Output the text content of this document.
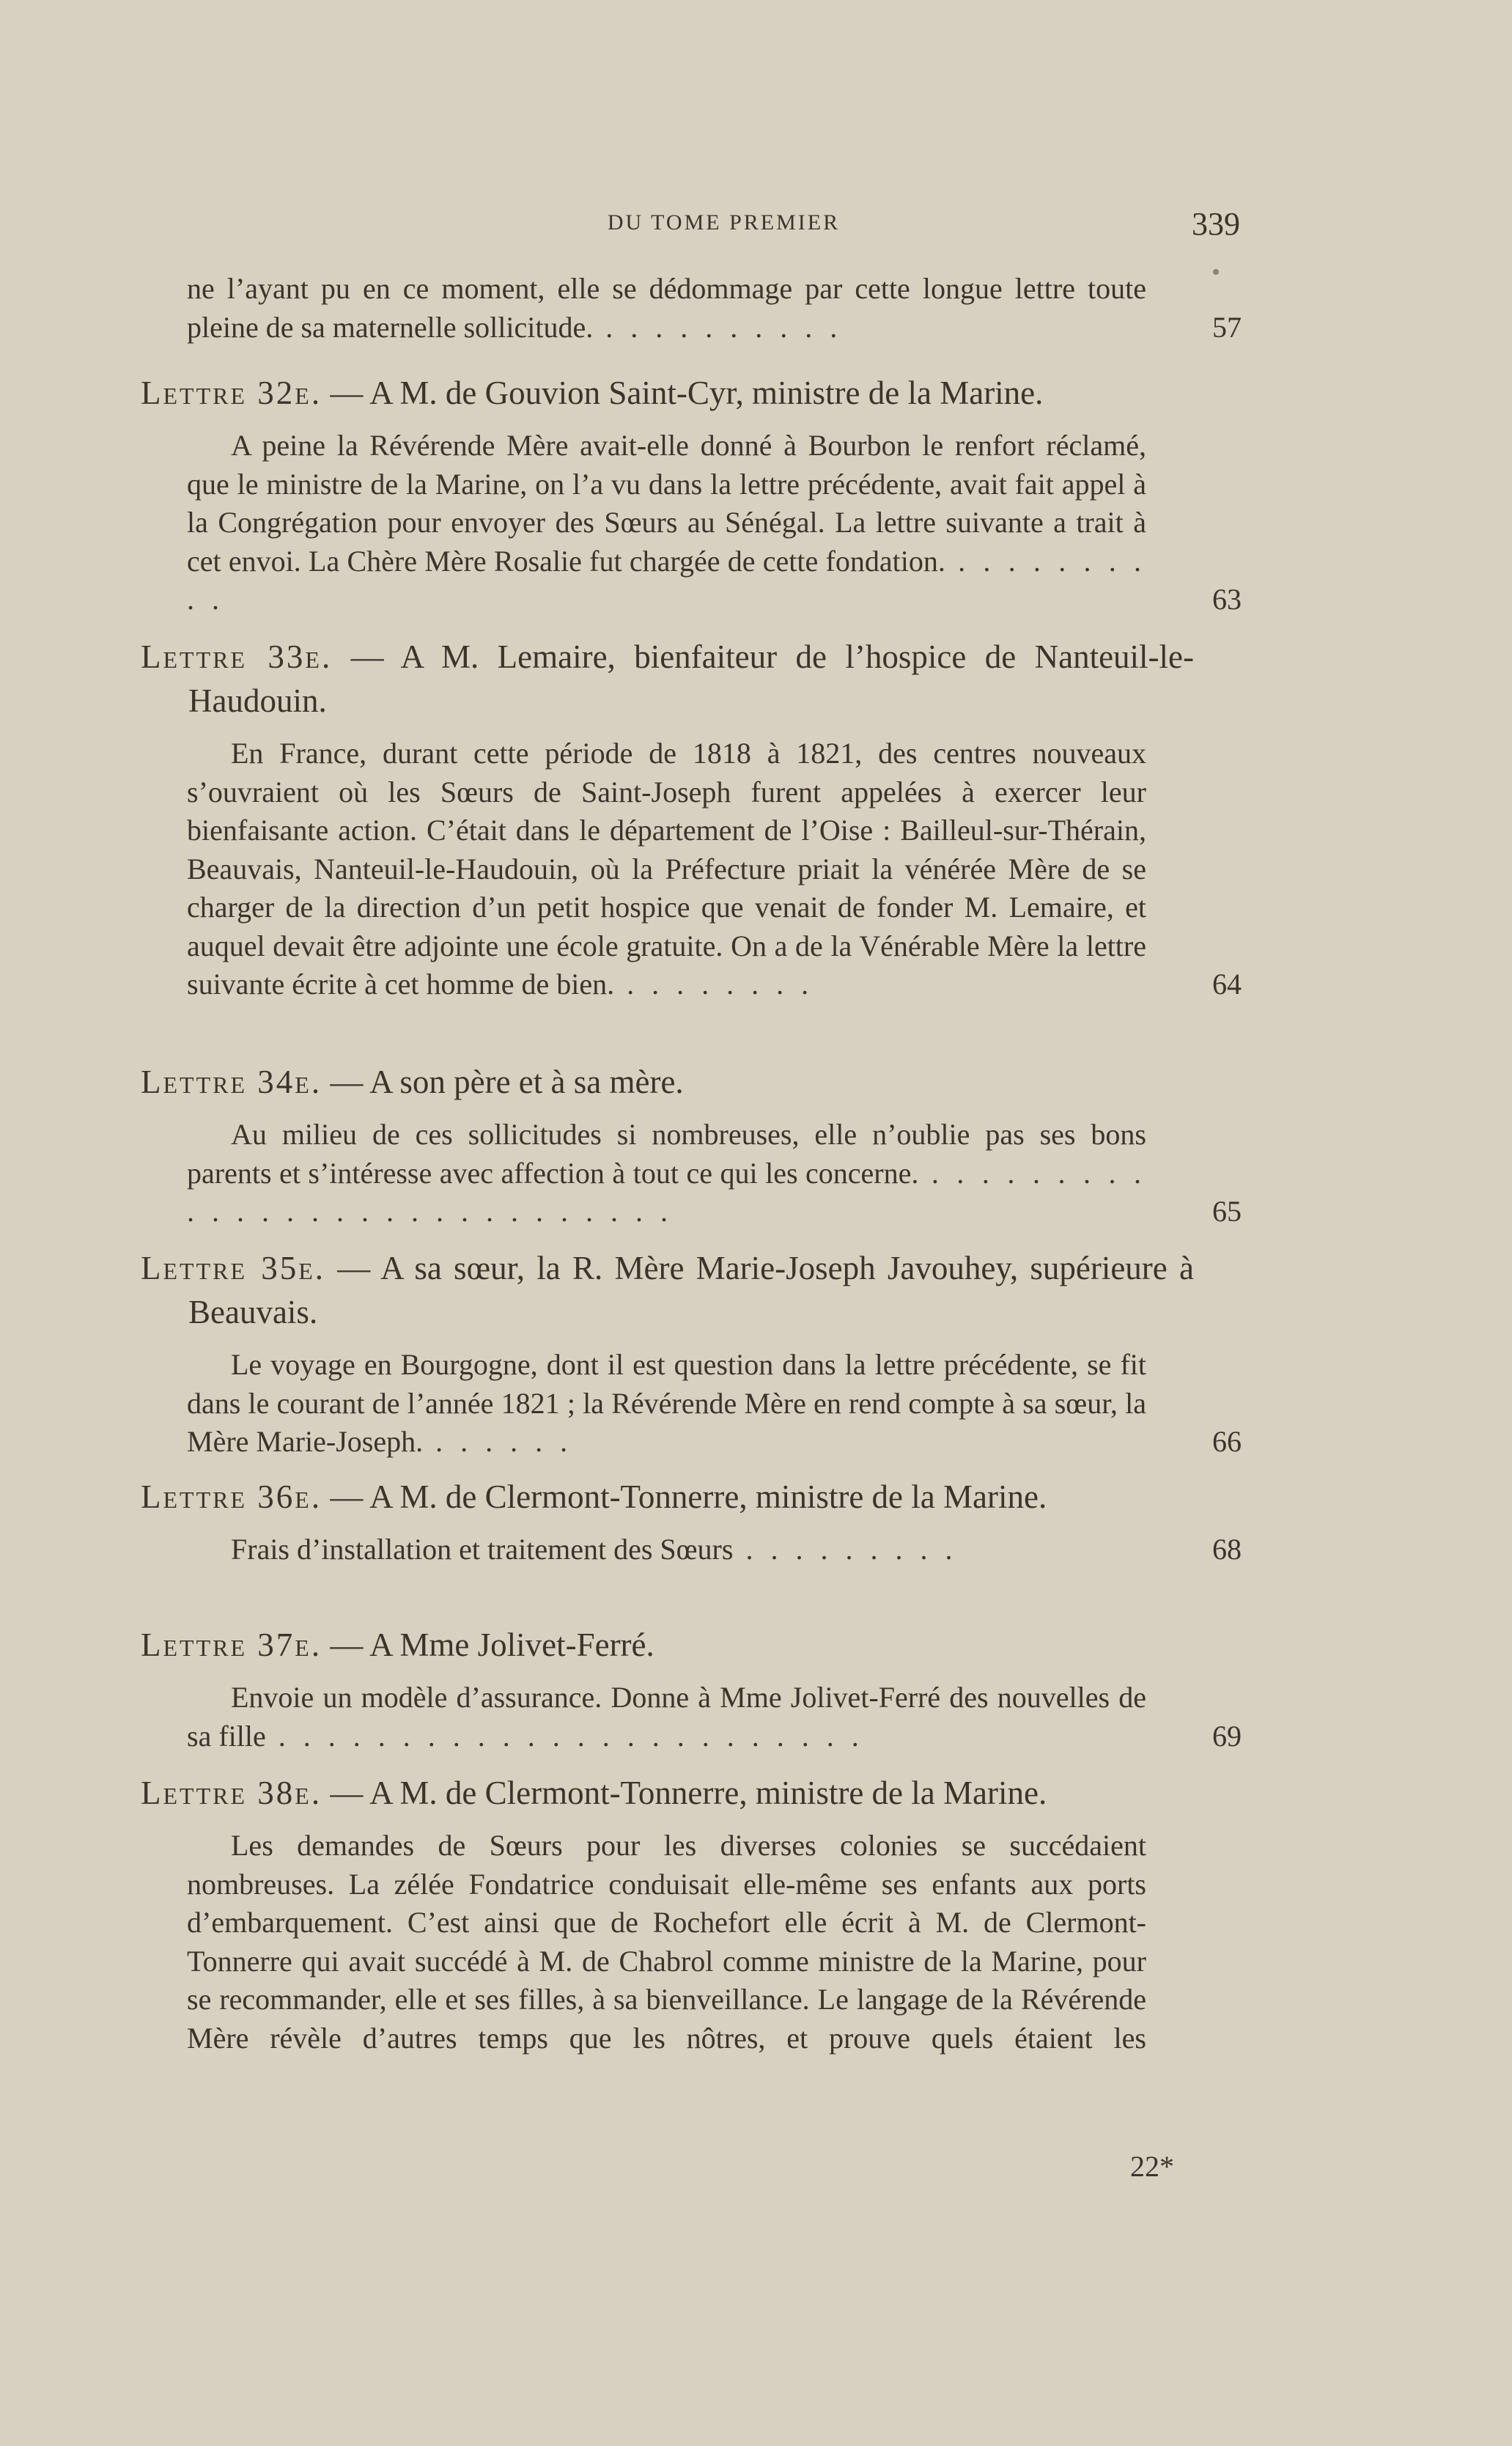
DU TOME PREMIER	339

ne l’ayant pu en ce moment, elle se dédommage par cette longue lettre toute pleine de sa maternelle sollicitude. . . . . . . . . . .	57
Lettre 32e. — A M. de Gouvion Saint-Cyr, ministre de la Marine.

A peine la Révérende Mère avait-elle donné à Bourbon le renfort réclamé, que le ministre de la Marine, on l’a vu dans la lettre précédente, avait fait appel à la Congrégation pour envoyer des Sœurs au Sénégal. La lettre suivante a trait à cet envoi. La Chère Mère Rosalie fut chargée de cette fondation. . . . . . . . . . .	63
Lettre 33e. — A M. Lemaire, bienfaiteur de l’hospice de Nanteuil-le-Haudouin.

En France, durant cette période de 1818 à 1821, des centres nouveaux s’ouvraient où les Sœurs de Saint-Joseph furent appelées à exercer leur bienfaisante action. C’était dans le département de l’Oise : Bailleul-sur-Thérain, Beauvais, Nanteuil-le-Haudouin, où la Préfecture priait la vénérée Mère de se charger de la direction d’un petit hospice que venait de fonder M. Lemaire, et auquel devait être adjointe une école gratuite. On a de la Vénérable Mère la lettre suivante écrite à cet homme de bien. . . . . . . . .	64
Lettre 34e. — A son père et à sa mère.

Au milieu de ces sollicitudes si nombreuses, elle n’oublie pas ses bons parents et s’intéresse avec affection à tout ce qui les concerne. . . . . . . . . . . . . . . . . . . . . . . . . . . . . .	65
Lettre 35e. — A sa sœur, la R. Mère Marie-Joseph Javouhey, supérieure à Beauvais.

Le voyage en Bourgogne, dont il est question dans la lettre précédente, se fit dans le courant de l’année 1821 ; la Révérende Mère en rend compte à sa sœur, la Mère Marie-Joseph. . . . . . .	66
Lettre 36e. — A M. de Clermont-Tonnerre, ministre de la Marine.

Frais d’installation et traitement des Sœurs . . . . . . . . .	68
Lettre 37e. — A Mme Jolivet-Ferré.

Envoie un modèle d’assurance. Donne à Mme Jolivet-Ferré des nouvelles de sa fille . . . . . . . . . . . . . . . . . . . . . . . .	69
Lettre 38e. — A M. de Clermont-Tonnerre, ministre de la Marine.

Les demandes de Sœurs pour les diverses colonies se succédaient nombreuses. La zélée Fondatrice conduisait elle-même ses enfants aux ports d’embarquement. C’est ainsi que de Rochefort elle écrit à M. de Clermont-Tonnerre qui avait succédé à M. de Chabrol comme ministre de la Marine, pour se recommander, elle et ses filles, à sa bienveillance. Le langage de la Révérende Mère révèle d’autres temps que les nôtres, et prouve quels étaient les

22*
